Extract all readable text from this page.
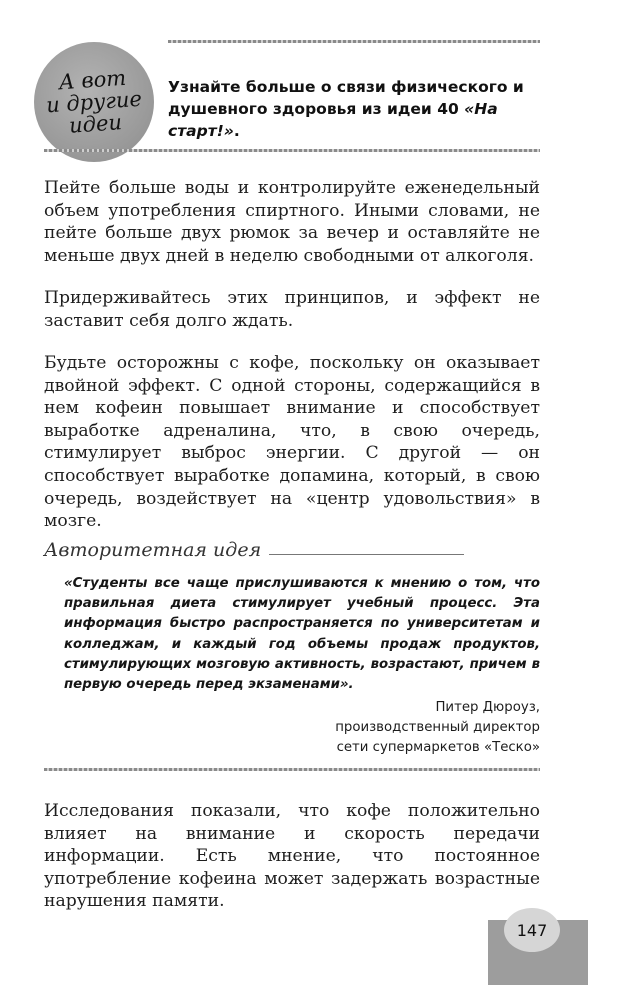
А вот
и другие
идеи
Узнайте больше о связи физического и душевного здоровья из идеи 40 «На старт!».

Пейте больше воды и контролируйте еженедельный объем употребления спиртного. Иными словами, не пейте больше двух рюмок за вечер и оставляйте не меньше двух дней в неделю свободными от алкоголя.

Придерживайтесь этих принципов, и эффект не заставит себя долго ждать.

Будьте осторожны с кофе, поскольку он оказывает двойной эффект. С одной стороны, содержащийся в нем кофеин повышает внимание и способствует выработке адреналина, что, в свою очередь, стимулирует выброс энергии. С другой — он способствует выработке допамина, который, в свою очередь, воздействует на «центр удовольствия» в мозге.

Авторитетная идея

«Студенты все чаще прислушиваются к мнению о том, что правильная диета стимулирует учебный процесс. Эта информация быстро распространяется по университетам и колледжам, и каждый год объемы продаж продуктов, стимулирующих мозговую активность, возрастают, причем в первую очередь перед экзаменами».

Питер Дюроуз,
производственный директор
сети супермаркетов «Теско»

Исследования показали, что кофе положительно влияет на внимание и скорость передачи информации. Есть мнение, что постоянное употребление кофеина может задержать возрастные нарушения памяти.

147
